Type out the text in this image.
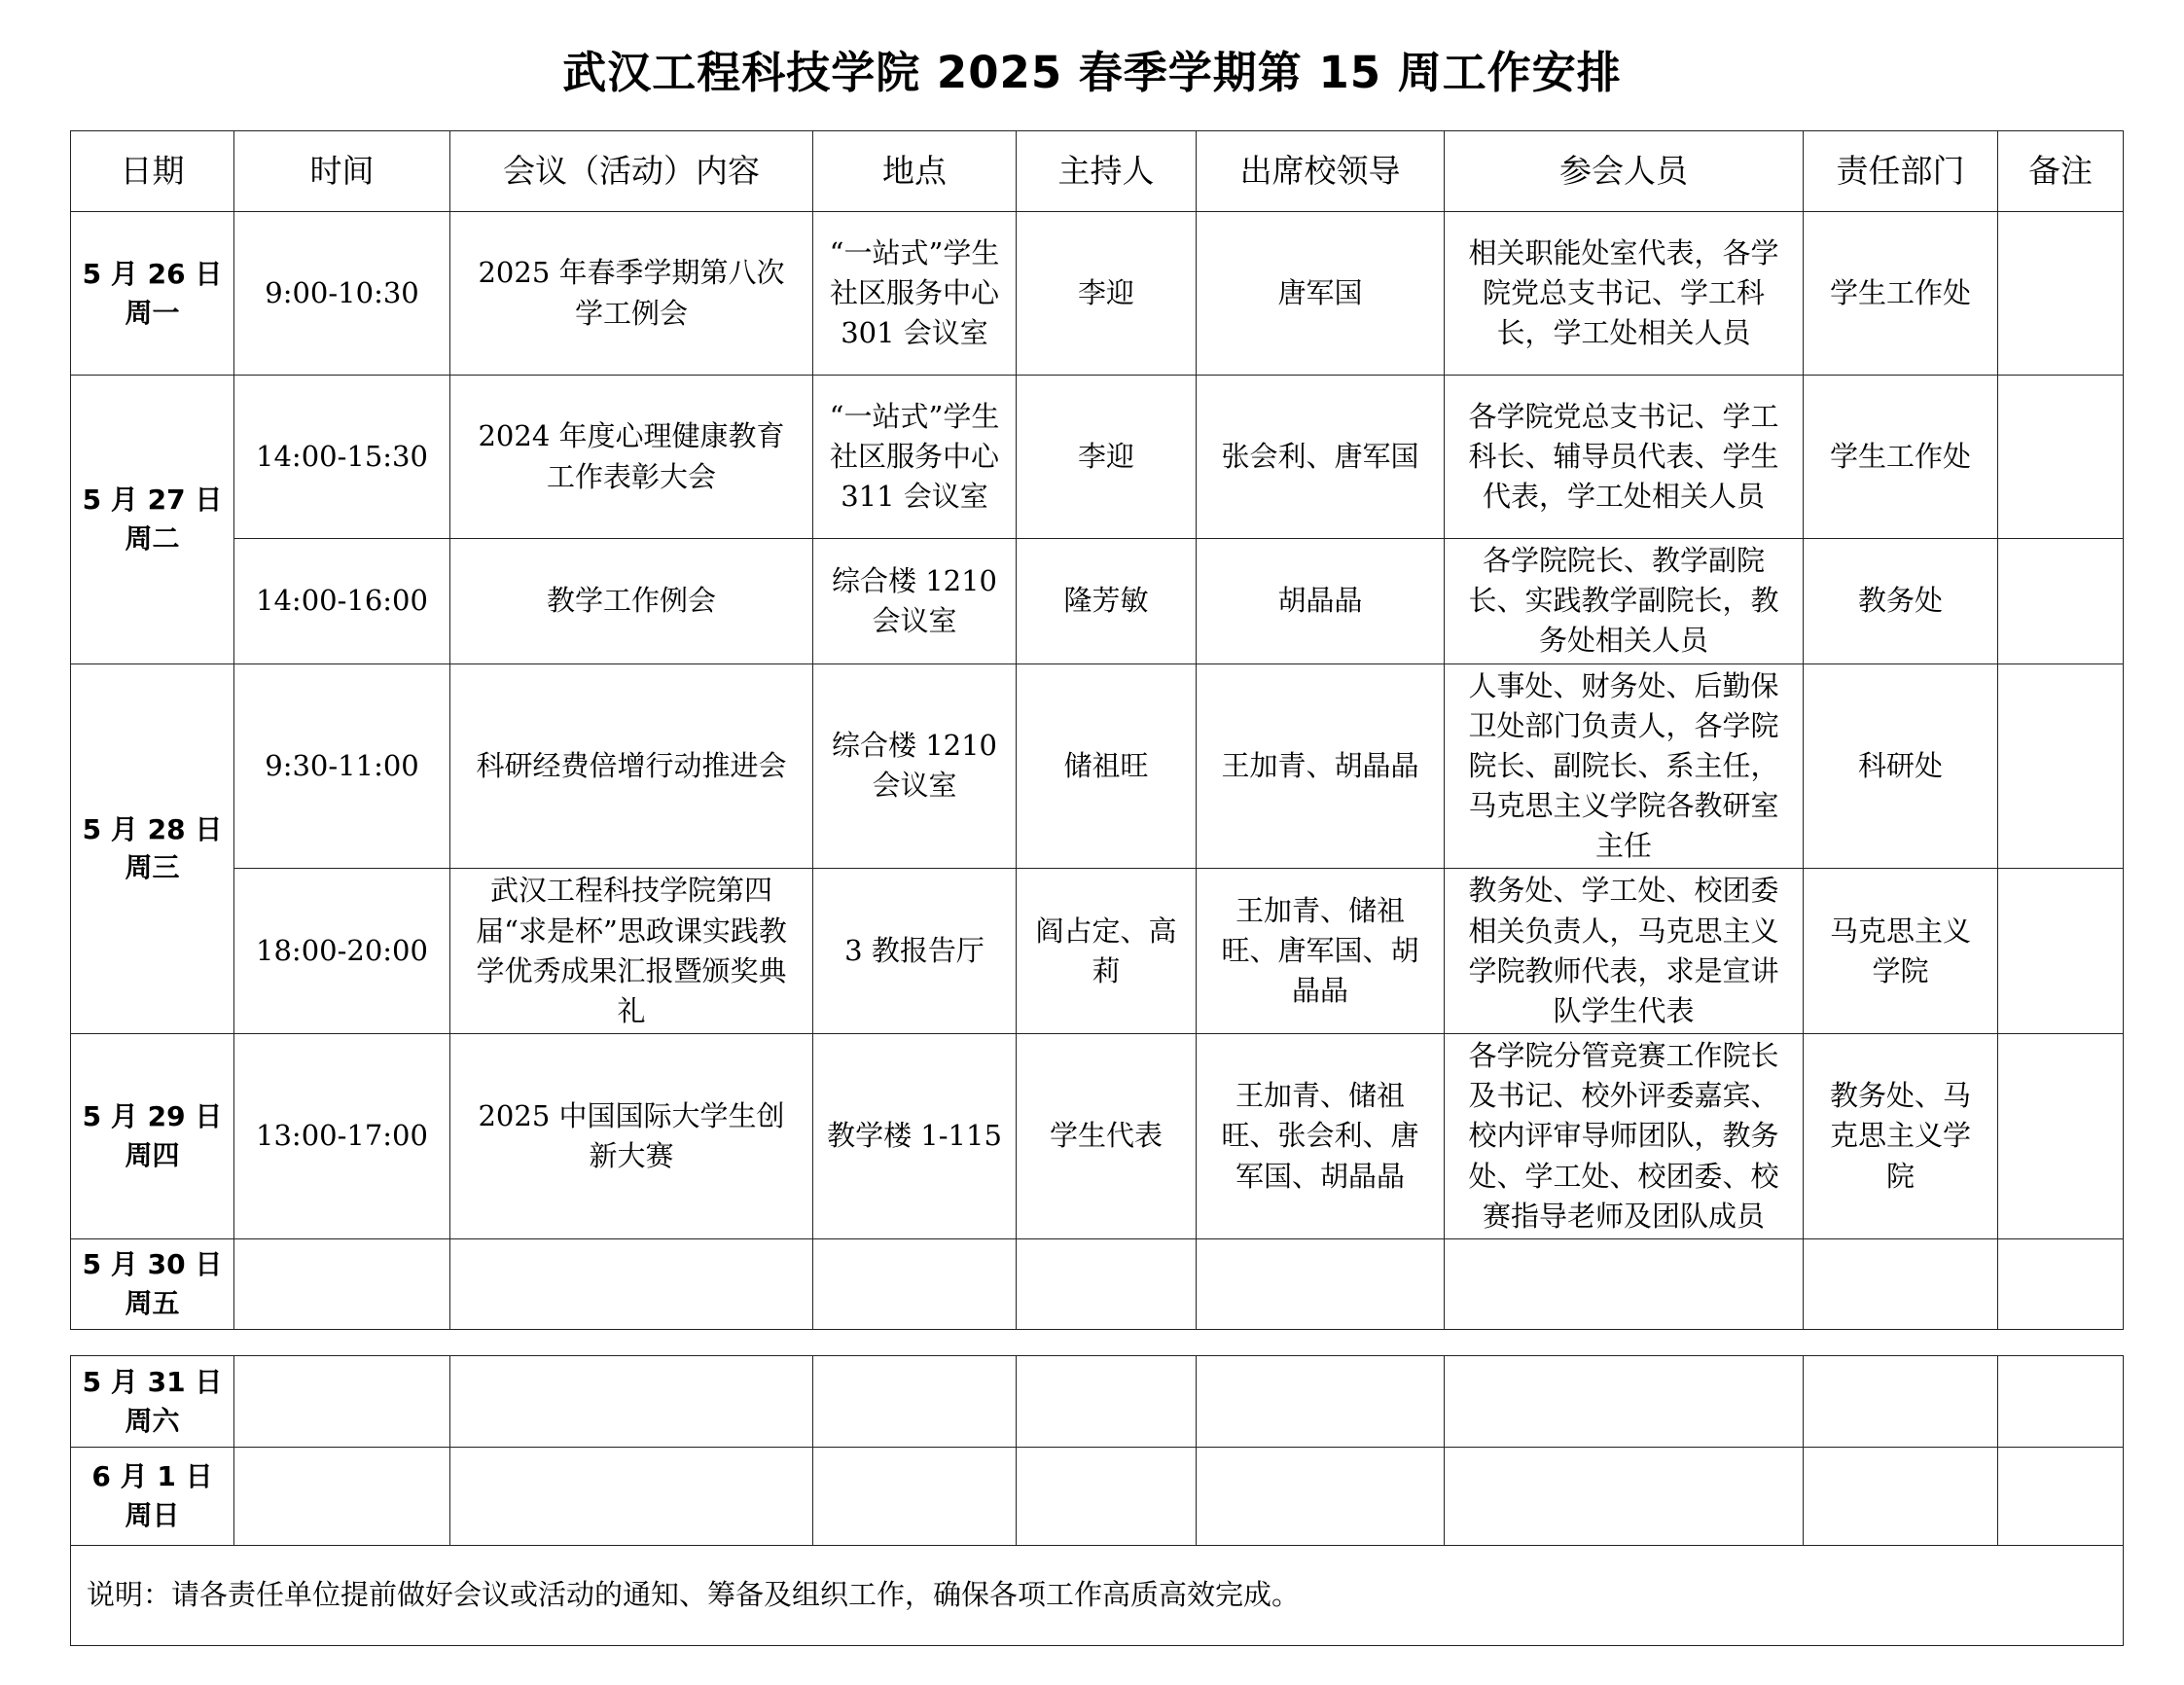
武汉工程科技学院 2025 春季学期第 15 周工作安排
日期	时间	会议（活动）内容	地点	主持人	出席校领导	参会人员	责任部门	备注
5 月 26 日
周一	9:00-10:30	2025 年春季学期第八次学工例会	“一站式”学生社区服务中心 301 会议室	李迎	唐军国	相关职能处室代表，各学院党总支书记、学工科长，学工处相关人员	学生工作处	
5 月 27 日
周二	14:00-15:30	2024 年度心理健康教育工作表彰大会	“一站式”学生社区服务中心 311 会议室	李迎	张会利、唐军国	各学院党总支书记、学工科长、辅导员代表、学生代表，学工处相关人员	学生工作处	
	14:00-16:00	教学工作例会	综合楼 1210 会议室	隆芳敏	胡晶晶	各学院院长、教学副院长、实践教学副院长，教务处相关人员	教务处	
5 月 28 日
周三	9:30-11:00	科研经费倍增行动推进会	综合楼 1210 会议室	储祖旺	王加青、胡晶晶	人事处、财务处、后勤保卫处部门负责人，各学院院长、副院长、系主任，马克思主义学院各教研室主任	科研处	
	18:00-20:00	武汉工程科技学院第四届“求是杯”思政课实践教学优秀成果汇报暨颁奖典礼	3 教报告厅	阎占定、高莉	王加青、储祖旺、唐军国、胡晶晶	教务处、学工处、校团委相关负责人，马克思主义学院教师代表，求是宣讲队学生代表	马克思主义学院	
5 月 29 日
周四	13:00-17:00	2025 中国国际大学生创新大赛	教学楼 1-115	学生代表	王加青、储祖旺、张会利、唐军国、胡晶晶	各学院分管竞赛工作院长及书记、校外评委嘉宾、校内评审导师团队，教务处、学工处、校团委、校赛指导老师及团队成员	教务处、马克思主义学院	
5 月 30 日
周五								
5 月 31 日
周六								
6 月 1 日
周日								
说明：请各责任单位提前做好会议或活动的通知、筹备及组织工作，确保各项工作高质高效完成。								
